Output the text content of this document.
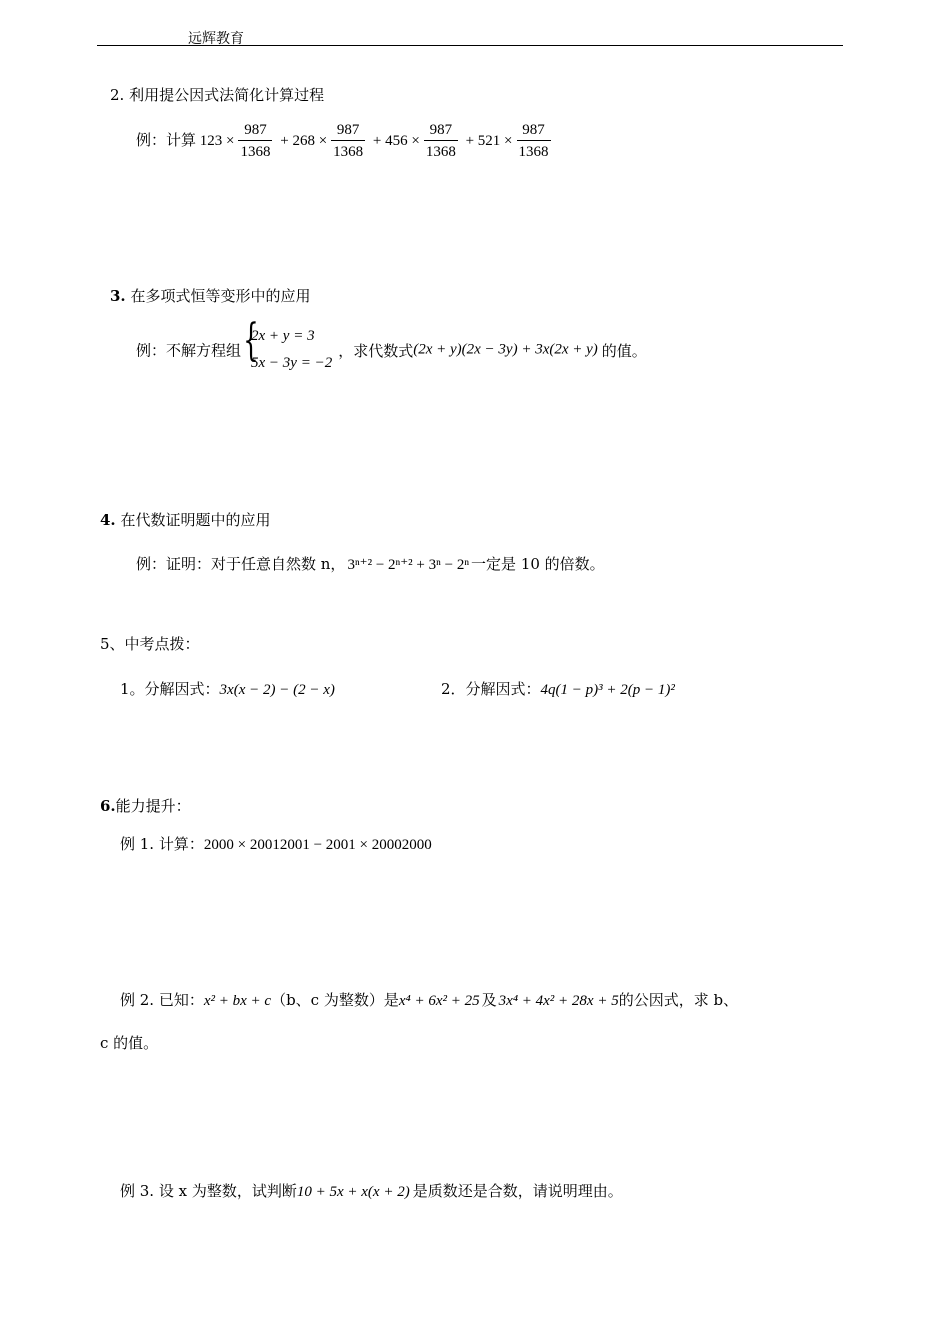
远辉教育
2. 利用提公因式法简化计算过程
例：计算 $123 \times \frac{987}{1368} + 268 \times \frac{987}{1368} + 456 \times \frac{987}{1368} + 521 \times \frac{987}{1368}$
3. 在多项式恒等变形中的应用
例：不解方程组 {
2x + y = 3
5x − 3y = −2
，求代数式(2x + y)(2x − 3y) + 3x(2x + y) 的值。
4. 在代数证明题中的应用
例：证明：对于任意自然数 n， 3ⁿ⁺² − 2ⁿ⁺² + 3ⁿ − 2ⁿ 一定是 10 的倍数。
5、中考点拨：
1。分解因式：3x(x − 2) − (2 − x)	2．分解因式：4q(1 − p)³ + 2(p − 1)²
6.能力提升：
例 1. 计算：2000 × 20012001 − 2001 × 20002000
例 2. 已知：x² + bx + c（b、c 为整数）是x⁴ + 6x² + 25 及 3x⁴ + 4x² + 28x + 5的公因式，求 b、
c 的值。
例 3. 设 x 为整数，试判断10 + 5x + x(x + 2) 是质数还是合数，请说明理由。
